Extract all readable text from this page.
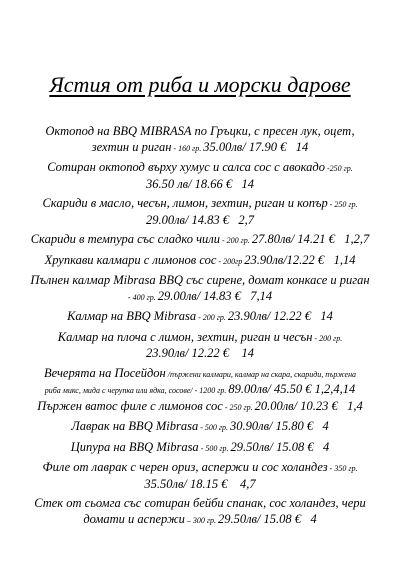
Ястия от риба и морски дарове
Октопод на BBQ MIBRASA по Гръцки, с пресен лук, оцет,
зехтин и риган - 160 гр. 35.00лв/ 17.90 € 14
Сотиран октопод върху хумус и салса сос с авокадо -250 гр.
36.50 лв/ 18.66 € 14
Скариди в масло, чесън, лимон, зехтин, риган и копър - 250 гр.
29.00лв/ 14.83 € 2,7
Скариди в темпура със сладко чили - 200 гр. 27.80лв/ 14.21 € 1,2,7
Хрупкави калмари с лимонов сос - 200гр 23.90лв/12.22 € 1,14
Пълнен калмар Mibrasa BBQ със сирене, домат конкасе и риган
- 400 гр. 29.00лв/ 14.83 € 7,14
Калмар на BBQ Mibrasa - 200 гр. 23.90лв/ 12.22 € 14
Калмар на плоча с лимон, зехтин, риган и чесън - 200 гр.
23.90лв/ 12.22 € 14
Вечерята на Посейдон /пържени калмари, калмар на скара, скариди, пържена
риба микс, мида с черупка или ядка, сосове/ - 1200 гр. 89.00лв/ 45.50 € 1,2,4,14
Пържен ватос филе с лимонов сос - 250 гр. 20.00лв/ 10.23 € 1,4
Лаврак на BBQ Mibrasa - 500 гр. 30.90лв/ 15.80 € 4
Ципура на BBQ Mibrasa - 500 гр. 29.50лв/ 15.08 € 4
Филе от лаврак с черен ориз, аспержи и сос холандез - 350 гр.
35.50лв/ 18.15 € 4,7
Стек от сьомга със сотиран бейби спанак, сос холандез, чери
домати и аспержи – 300 гр. 29.50лв/ 15.08 € 4
